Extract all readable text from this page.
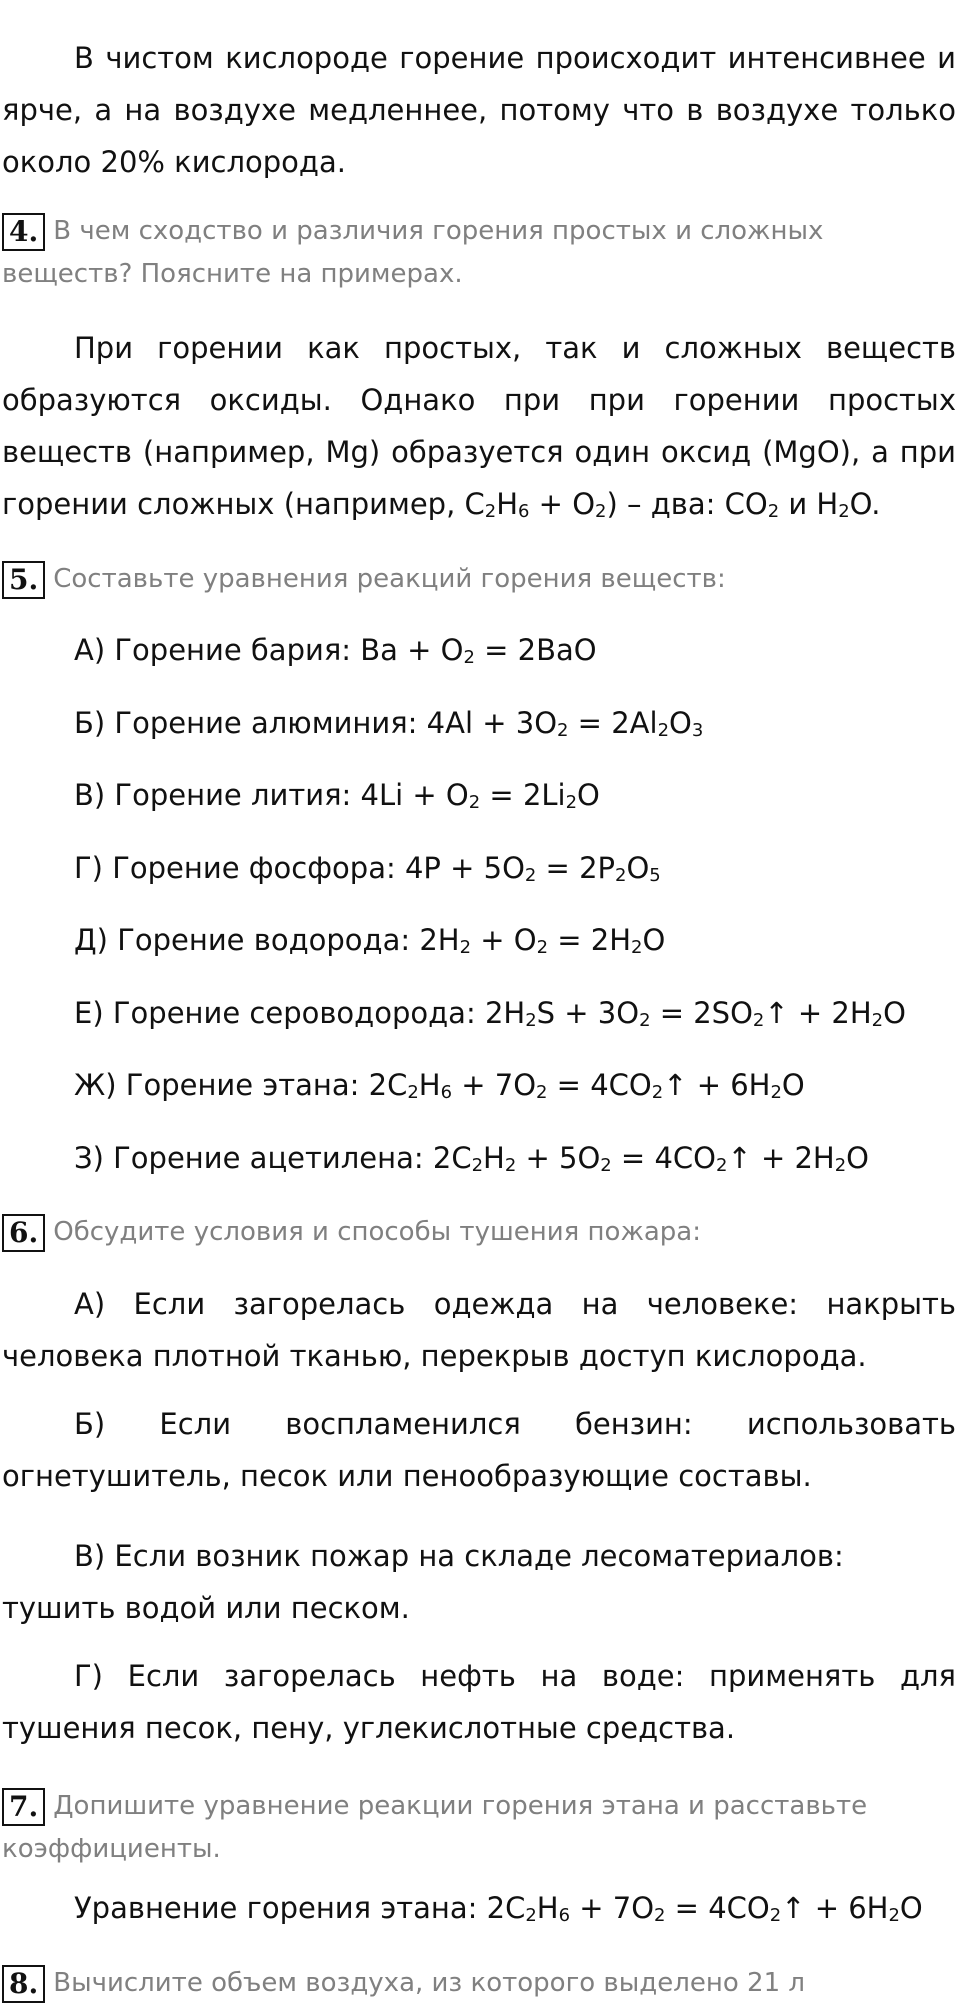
В чистом кислороде горение происходит интенсивнее и ярче, а на воздухе медленнее, потому что в воздухе только около 20% кислорода.

4. В чем сходство и различия горения простых и сложных веществ? Поясните на примерах.

При горении как простых, так и сложных веществ образуются оксиды. Однако при при горении простых веществ (например, Mg) образуется один оксид (MgO), а при горении сложных (например, $C_2H_6 + O_2$) – два: $CO_2$ и $H_2O$.

5. Составьте уравнения реакций горения веществ:

А) Горение бария: $Ba + O_2 = 2BaO$

Б) Горение алюминия: $4Al + 3O_2 = 2Al_2O_3$

В) Горение лития: $4Li + O_2 = 2Li_2O$

Г) Горение фосфора: $4P + 5O_2 = 2P_2O_5$

Д) Горение водорода: $2H_2 + O_2 = 2H_2O$

Е) Горение сероводорода: $2H_2S + 3O_2$ = $2SO_2↑ + 2H_2O$

Ж) Горение этана: $2C_2H_6 + 7O_2$ = $4CO_2↑ + 6H_2O$

З) Горение ацетилена: $2C_2H_2 + 5O_2$ = $4CO_2↑ + 2H_2O$

6. Обсудите условия и способы тушения пожара:

А) Если загорелась одежда на человеке: накрыть человека плотной тканью, перекрыв доступ кислорода.

Б) Если воспламенился бензин: использовать огнетушитель, песок или пенообразующие составы.

В) Если возник пожар на складе лесоматериалов: тушить водой или песком.

Г) Если загорелась нефть на воде: применять для тушения песок, пену, углекислотные средства.

7. Допишите уравнение реакции горения этана и расставьте коэффициенты.

Уравнение горения этана: $2C_2H_6 + 7O_2$ = $4CO_2↑ + 6H_2O$

8. Вычислите объем воздуха, из которого выделено 21 л
